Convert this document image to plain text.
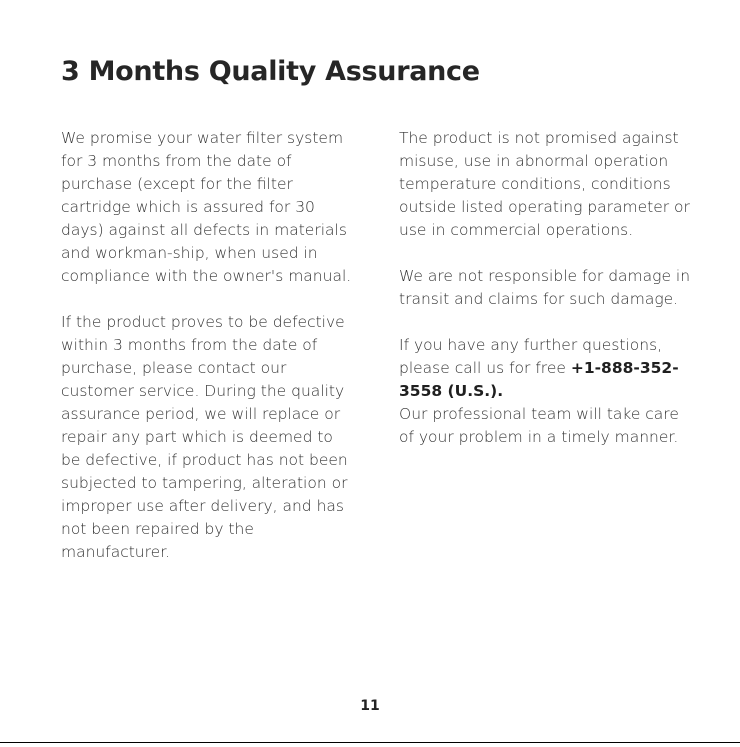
3 Months Quality Assurance

We promise your water filter system for 3 months from the date of purchase (except for the filter cartridge which is assured for 30 days) against all defects in materials and workman-ship, when used in compliance with the owner's manual.

If the product proves to be defective within 3 months from the date of purchase, please contact our customer service. During the quality assurance period, we will replace or repair any part which is deemed to be defective, if product has not been subjected to tampering, alteration or improper use after delivery, and has not been repaired by the manufacturer.

The product is not promised against misuse, use in abnormal operation temperature conditions, conditions outside listed operating parameter or use in commercial operations.

We are not responsible for damage in transit and claims for such damage.

If you have any further questions, please call us for free +1-888-352-3558 (U.S.).

Our professional team will take care of your problem in a timely manner.

11
